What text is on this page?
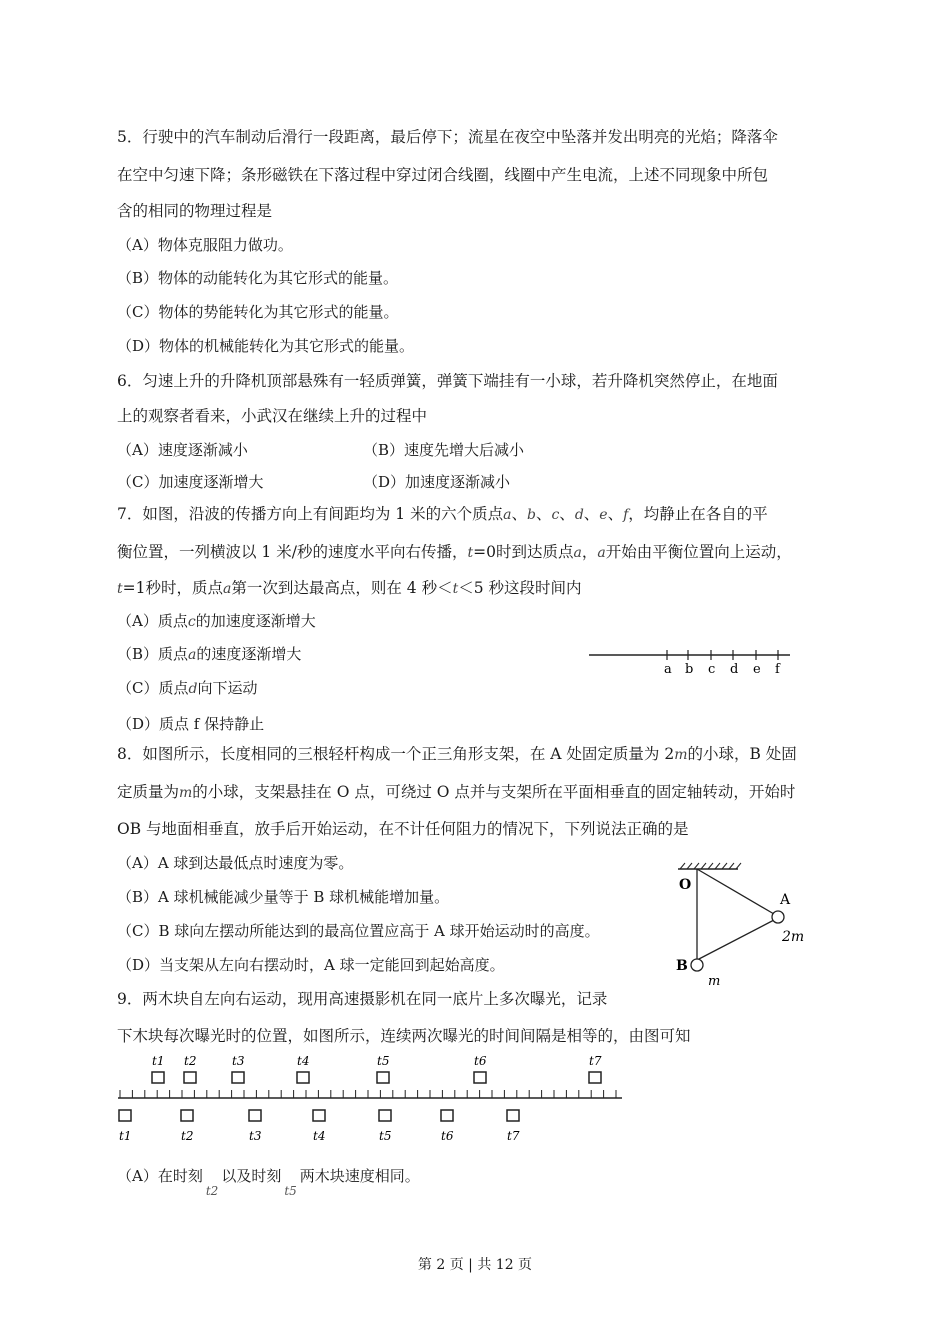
5．行驶中的汽车制动后滑行一段距离，最后停下；流星在夜空中坠落并发出明亮的光焰；降落伞
在空中匀速下降；条形磁铁在下落过程中穿过闭合线圈，线圈中产生电流，上述不同现象中所包
含的相同的物理过程是
（A）物体克服阻力做功。
（B）物体的动能转化为其它形式的能量。
（C）物体的势能转化为其它形式的能量。
（D）物体的机械能转化为其它形式的能量。
6．匀速上升的升降机顶部悬殊有一轻质弹簧，弹簧下端挂有一小球，若升降机突然停止，在地面
上的观察者看来，小武汉在继续上升的过程中
（A）速度逐渐减小	（B）速度先增大后减小
（C）加速度逐渐增大	（D）加速度逐渐减小
7．如图，沿波的传播方向上有间距均为 1 米的六个质点a、b、c、d、e、f，均静止在各自的平
衡位置，一列横波以 1 米/秒的速度水平向右传播，t=0时到达质点a，a开始由平衡位置向上运动，
t=1秒时，质点a第一次到达最高点，则在 4 秒＜t＜5 秒这段时间内
（A）质点c的加速度逐渐增大
（B）质点a的速度逐渐增大
（C）质点d向下运动
（D）质点 f 保持静止
a b c d e f
8．如图所示，长度相同的三根轻杆构成一个正三角形支架，在 A 处固定质量为 2m的小球，B 处固
定质量为m的小球，支架悬挂在 O 点，可绕过 O 点并与支架所在平面相垂直的固定轴转动，开始时
OB 与地面相垂直，放手后开始运动，在不计任何阻力的情况下，下列说法正确的是
（A）A 球到达最低点时速度为零。
（B）A 球机械能减少量等于 B 球机械能增加量。
（C）B 球向左摆动所能达到的最高位置应高于 A 球开始运动时的高度。
（D）当支架从左向右摆动时，A 球一定能回到起始高度。
O
A
2m
B
m
9．两木块自左向右运动，现用高速摄影机在同一底片上多次曝光，记录
下木块每次曝光时的位置，如图所示，连续两次曝光的时间间隔是相等的，由图可知
t1 t2	t3	t4	t5	t6	t7
t1	t2	t3	t4	t5	t6	t7
（A）在时刻$_{t2}$以及时刻$_{t5}$两木块速度相同。
第 2 页 | 共 12 页
